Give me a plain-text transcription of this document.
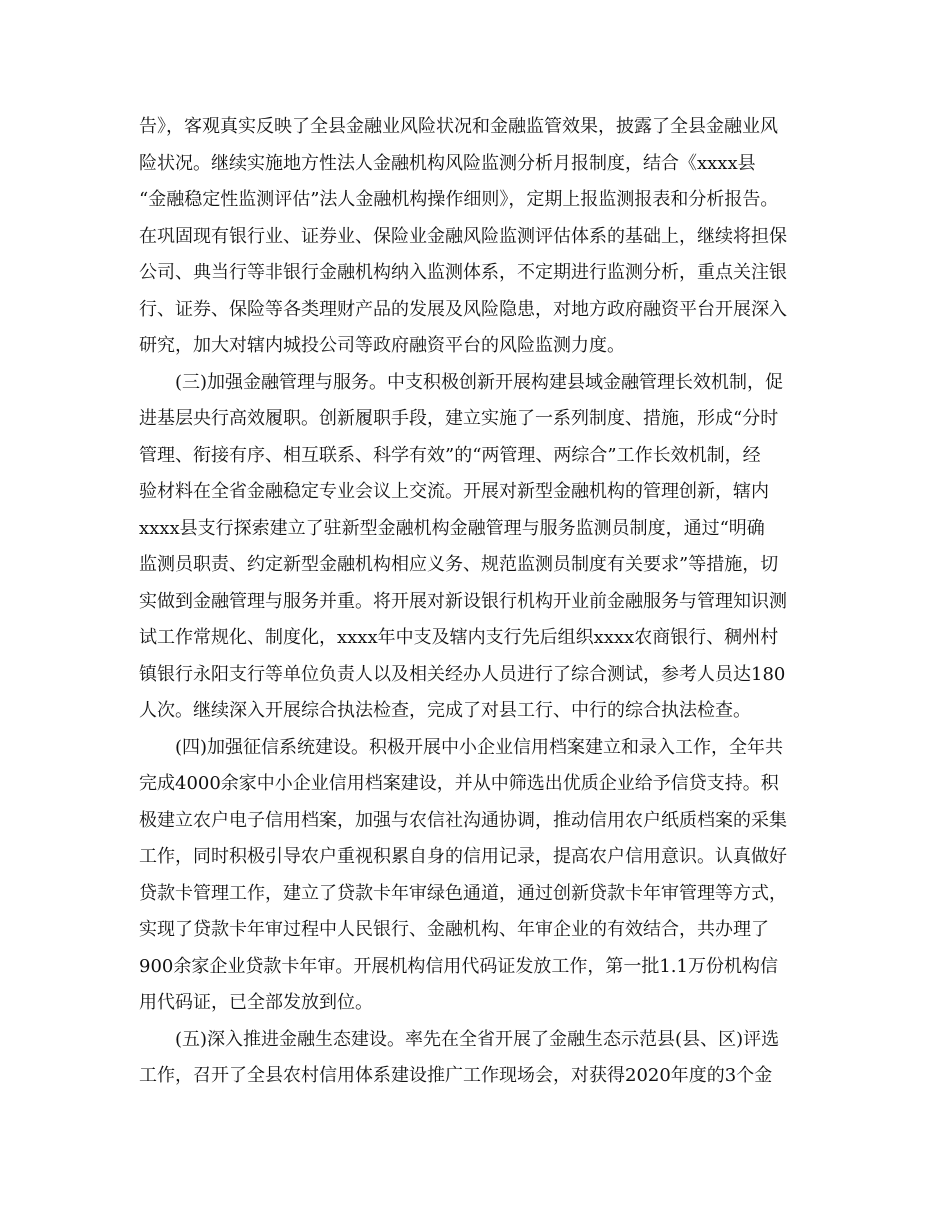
告》，客观真实反映了全县金融业风险状况和金融监管效果，披露了全县金融业风
险状况。继续实施地方性法人金融机构风险监测分析月报制度，结合《xxxx县
“金融稳定性监测评估”法人金融机构操作细则》，定期上报监测报表和分析报告。
在巩固现有银行业、证券业、保险业金融风险监测评估体系的基础上，继续将担保
公司、典当行等非银行金融机构纳入监测体系，不定期进行监测分析，重点关注银
行、证券、保险等各类理财产品的发展及风险隐患，对地方政府融资平台开展深入
研究，加大对辖内城投公司等政府融资平台的风险监测力度。
(三)加强金融管理与服务。中支积极创新开展构建县域金融管理长效机制，促
进基层央行高效履职。创新履职手段，建立实施了一系列制度、措施，形成“分时
管理、衔接有序、相互联系、科学有效”的“两管理、两综合”工作长效机制，经
验材料在全省金融稳定专业会议上交流。开展对新型金融机构的管理创新，辖内
xxxx县支行探索建立了驻新型金融机构金融管理与服务监测员制度，通过“明确
监测员职责、约定新型金融机构相应义务、规范监测员制度有关要求”等措施，切
实做到金融管理与服务并重。将开展对新设银行机构开业前金融服务与管理知识测
试工作常规化、制度化，xxxx年中支及辖内支行先后组织xxxx农商银行、稠州村
镇银行永阳支行等单位负责人以及相关经办人员进行了综合测试，参考人员达180
人次。继续深入开展综合执法检查，完成了对县工行、中行的综合执法检查。
(四)加强征信系统建设。积极开展中小企业信用档案建立和录入工作，全年共
完成4000余家中小企业信用档案建设，并从中筛选出优质企业给予信贷支持。积
极建立农户电子信用档案，加强与农信社沟通协调，推动信用农户纸质档案的采集
工作，同时积极引导农户重视积累自身的信用记录，提高农户信用意识。认真做好
贷款卡管理工作，建立了贷款卡年审绿色通道，通过创新贷款卡年审管理等方式，
实现了贷款卡年审过程中人民银行、金融机构、年审企业的有效结合，共办理了
900余家企业贷款卡年审。开展机构信用代码证发放工作，第一批1.1万份机构信
用代码证，已全部发放到位。
(五)深入推进金融生态建设。率先在全省开展了金融生态示范县(县、区)评选
工作，召开了全县农村信用体系建设推广工作现场会，对获得2020年度的3个金
